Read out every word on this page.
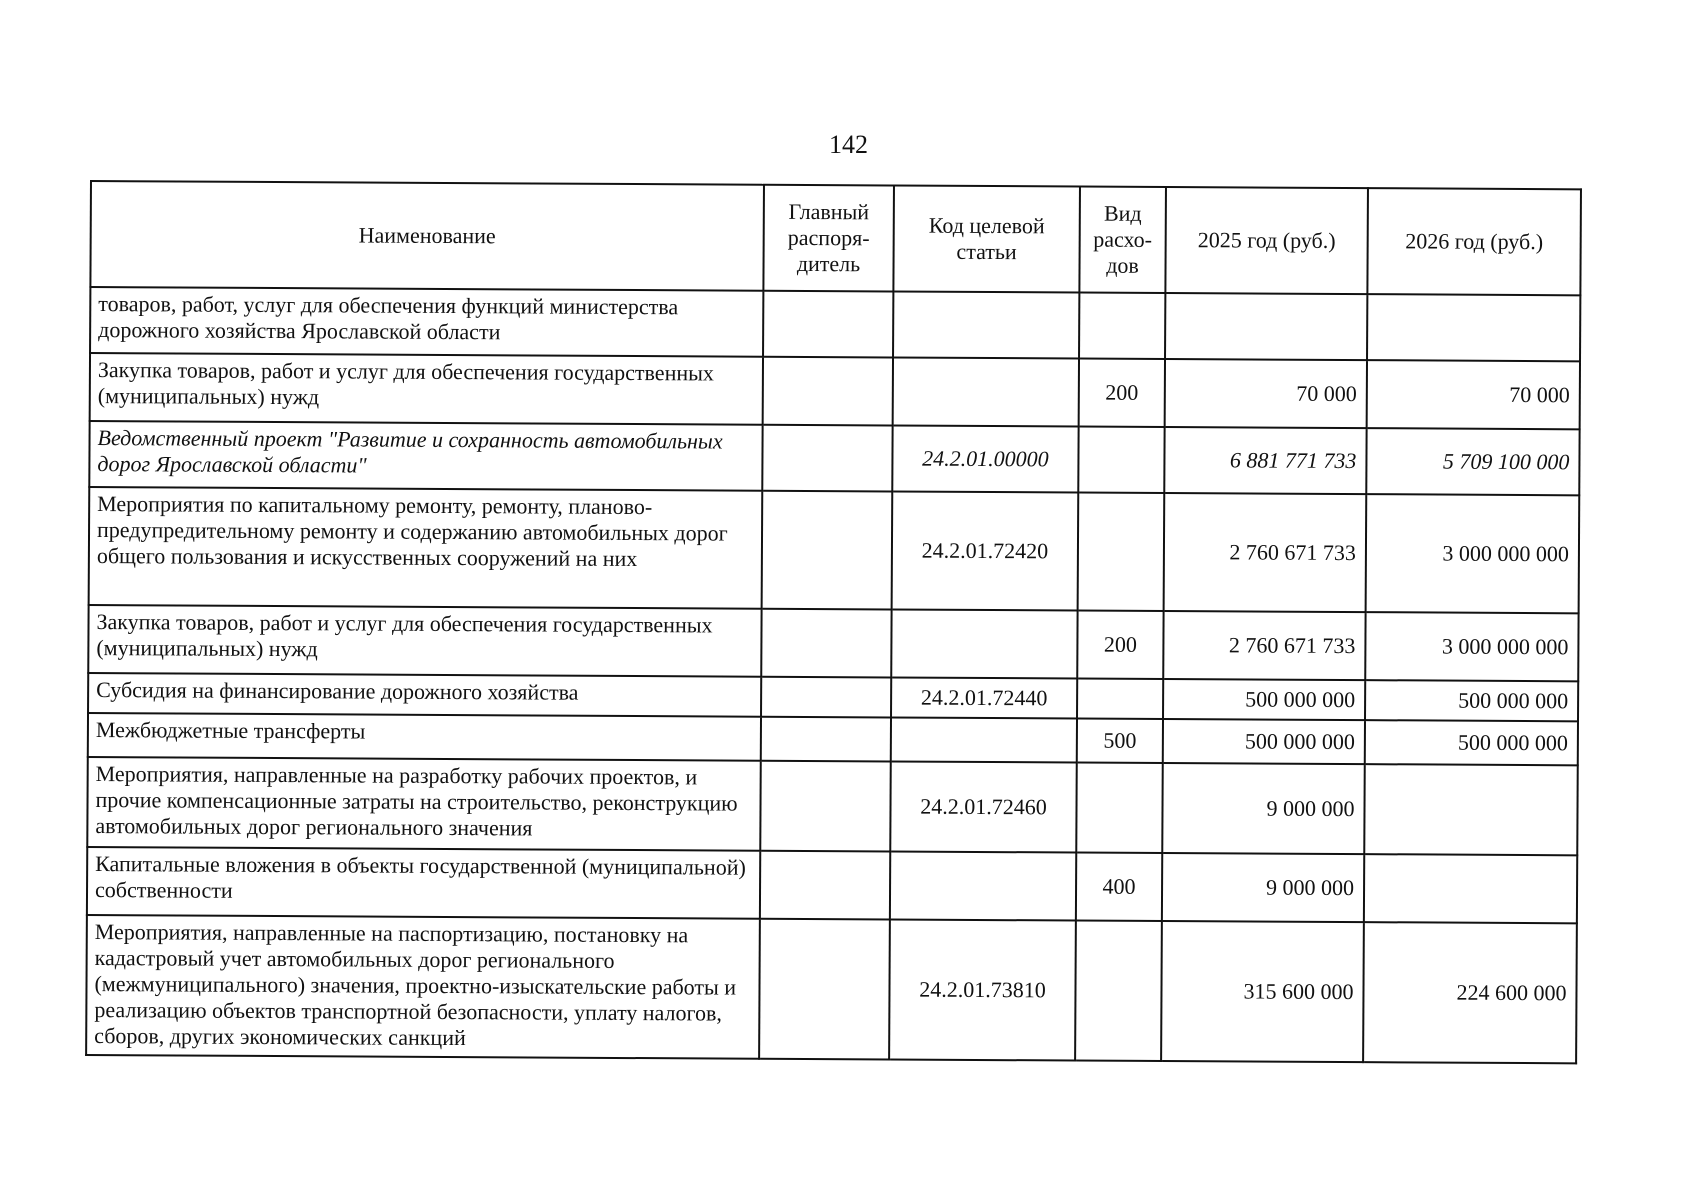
142
Наименование	Главный распоря-дитель	Код целевой статьи	Вид расхо-дов	2025 год (руб.)	2026 год (руб.)
товаров, работ, услуг для обеспечения функций министерства дорожного хозяйства Ярославской области					
Закупка товаров, работ и услуг для обеспечения государственных (муниципальных) нужд			200	70 000	70 000
Ведомственный проект "Развитие и сохранность автомобильных дорог Ярославской области"		24.2.01.00000		6 881 771 733	5 709 100 000
Мероприятия по капитальному ремонту, ремонту, планово-предупредительному ремонту и содержанию автомобильных дорог общего пользования и искусственных сооружений на них		24.2.01.72420		2 760 671 733	3 000 000 000
Закупка товаров, работ и услуг для обеспечения государственных (муниципальных) нужд			200	2 760 671 733	3 000 000 000
Субсидия на финансирование дорожного хозяйства		24.2.01.72440		500 000 000	500 000 000
Межбюджетные трансферты			500	500 000 000	500 000 000
Мероприятия, направленные на разработку рабочих проектов, и прочие компенсационные затраты на строительство, реконструкцию автомобильных дорог регионального значения		24.2.01.72460		9 000 000	
Капитальные вложения в объекты государственной (муниципальной) собственности			400	9 000 000	
Мероприятия, направленные на паспортизацию, постановку на кадастровый учет автомобильных дорог регионального (межмуниципального) значения, проектно-изыскательские работы и реализацию объектов транспортной безопасности, уплату налогов, сборов, других экономических санкций		24.2.01.73810		315 600 000	224 600 000
